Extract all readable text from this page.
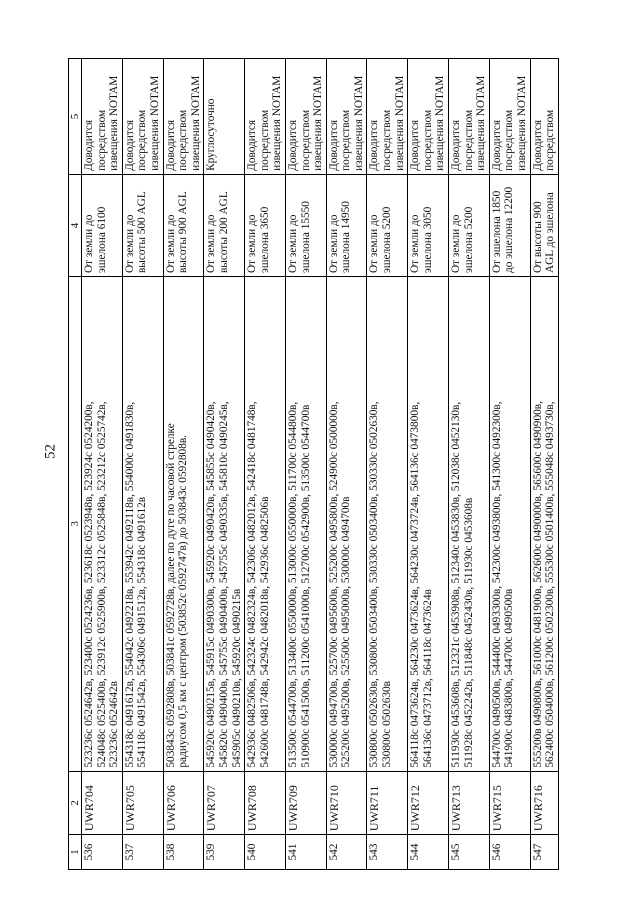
52
1	2	3	4	5
536	UWR704	523236с 0524642в, 523400с 0524236в, 523618с 0523948в, 523924с 0524200в, 524048с 0525400в, 523912с 0525900в, 523312с 0525848в, 523212с 0525742в, 523236с 0524642в	От земли до эшелона 6100	Доводится посредством извещения NOTAM

537	UWR705	554318с 0491612в, 554042с 0492218в, 553942с 0492118в, 554000с 0491830в, 554118с 0491542в, 554306с 0491512в, 554318с 0491612в	От земли до высоты 500 AGL	Доводится посредством извещения NOTAM

538	UWR706	503843с 0592808в, 503841с 0592728в, далее по дуге по часовой стрелке радиусом 0,5 км с центром (503852с 0592747в) до 503843с 0592808в.	От земли до высоты 900 AGL	Доводится посредством извещения NOTAM

539	UWR707	545920с 0490215в, 545915с 0490300в, 545920с 0490420в, 545855с 0490420в, 545820с 0490400в, 545755с 0490400в, 545755с 0490335в, 545810с 0490245в, 545905с 0490210в, 545920с 0490215в	От земли до высоты 200 AGL	Круглосуточно

540	UWR708	542936с 0482506в, 542324с 0482324в, 542306с 0482012в, 542418с 0481748в, 542600с 0481748в, 542942с 0482018в, 542936с 0482506в	От земли до эшелона 3650	Доводится посредством извещения NOTAM

541	UWR709	513500с 0544700в, 513400с 0550000в, 513000с 0550000в, 511700с 0544800в, 510900с 0541500в, 511200с 0541000в, 512700с 0542900в, 513500с 0544700в	От земли до эшелона 15550	Доводится посредством извещения NOTAM

542	UWR710	530000с 0494700в, 525700с 0495600в, 525200с 0495800в, 524900с 0500000в, 525200с 0495200в, 525500с 0495000в, 530000с 0494700в	От земли до эшелона 14950	Доводится посредством извещения NOTAM

543	UWR711	530800с 0502630в, 530800с 0503400в, 530330с 0503400в, 530330с 0502630в, 530800с 0502630в	От земли до эшелона 5200	Доводится посредством извещения NOTAM

544	UWR712	564118с 0473624в, 564230с 0473624в, 564230с 0473724в, 564136с 0473800в, 564136с 0473712в, 564118с 0473624в	От земли до эшелона 3050	Доводится посредством извещения NOTAM

545	UWR713	511930с 0453608в, 512321с 0453908в, 512340с 0453830в, 512038с 0452130в, 511928с 0452242в, 511848с 0452430в, 511930с 0453608в	От земли до эшелона 5200	Доводится посредством извещения NOTAM

546	UWR715	544700с 0490500в, 544400с 0493300в, 542300с 0493800в, 541300с 0492300в, 541900с 0483800в, 544700с 0490500в	От эшелона 1850 до эшелона 12200	Доводится посредством извещения NOTAM

547	UWR716	555200в 0490800в, 561000с 0481900в, 562600с 0490000в, 565600с 0490900в, 562400с 0504000в, 561200с 0502300в, 555300с 0501400в, 555048с 0493730в,	От высоты 900 AGL до эшелона	Доводится посредством
